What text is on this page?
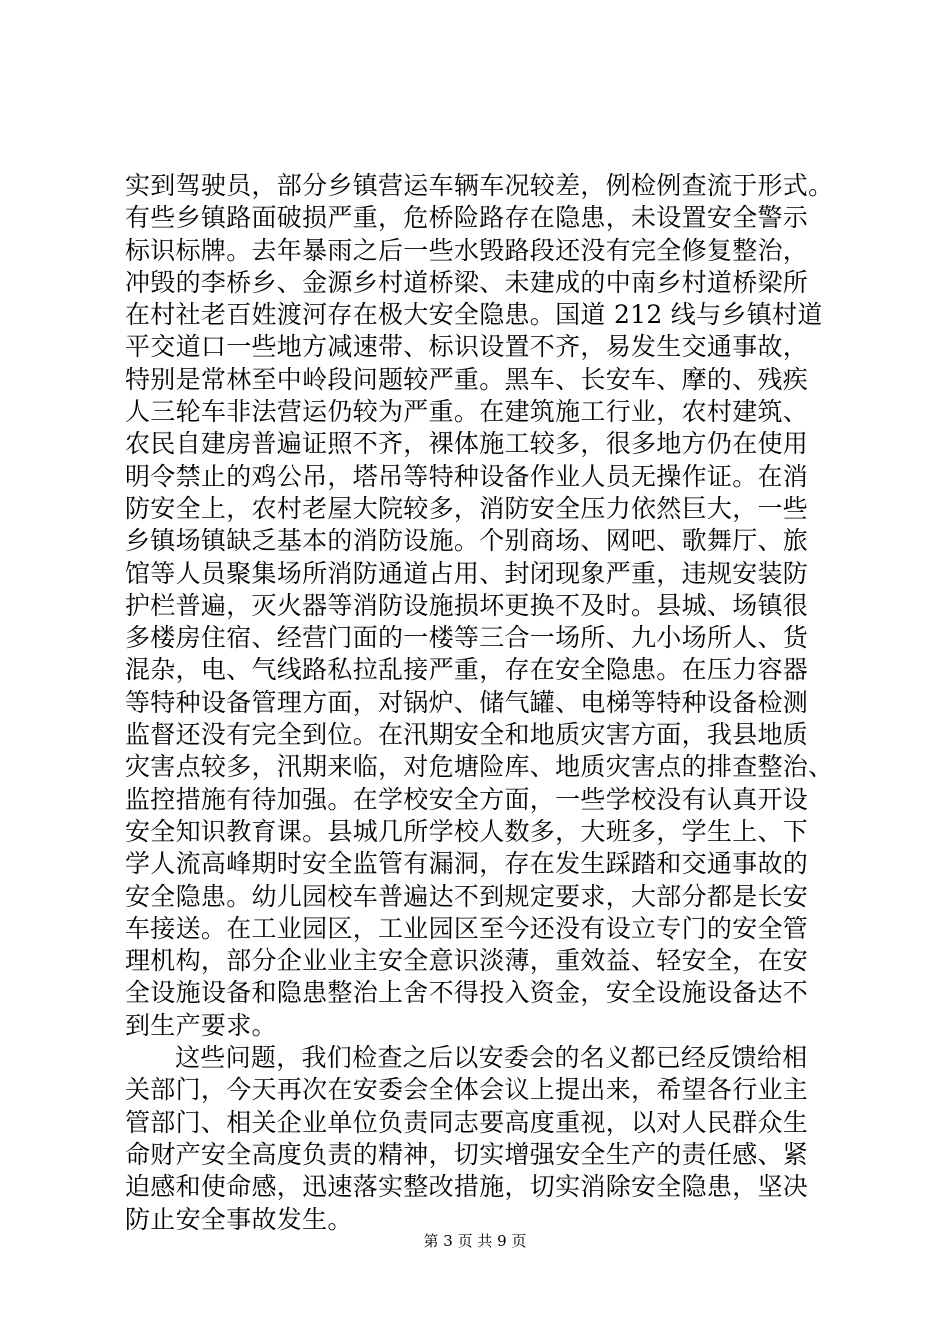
实到驾驶员，部分乡镇营运车辆车况较差，例检例查流于形式。
有些乡镇路面破损严重，危桥险路存在隐患，未设置安全警示
标识标牌。去年暴雨之后一些水毁路段还没有完全修复整治，
冲毁的李桥乡、金源乡村道桥梁、未建成的中南乡村道桥梁所
在村社老百姓渡河存在极大安全隐患。国道 212 线与乡镇村道
平交道口一些地方减速带、标识设置不齐，易发生交通事故，
特别是常林至中岭段问题较严重。黑车、长安车、摩的、残疾
人三轮车非法营运仍较为严重。在建筑施工行业，农村建筑、
农民自建房普遍证照不齐，裸体施工较多，很多地方仍在使用
明令禁止的鸡公吊，塔吊等特种设备作业人员无操作证。在消
防安全上，农村老屋大院较多，消防安全压力依然巨大，一些
乡镇场镇缺乏基本的消防设施。个别商场、网吧、歌舞厅、旅
馆等人员聚集场所消防通道占用、封闭现象严重，违规安装防
护栏普遍，灭火器等消防设施损坏更换不及时。县城、场镇很
多楼房住宿、经营门面的一楼等三合一场所、九小场所人、货
混杂，电、气线路私拉乱接严重，存在安全隐患。在压力容器
等特种设备管理方面，对锅炉、储气罐、电梯等特种设备检测
监督还没有完全到位。在汛期安全和地质灾害方面，我县地质
灾害点较多，汛期来临，对危塘险库、地质灾害点的排查整治、
监控措施有待加强。在学校安全方面，一些学校没有认真开设
安全知识教育课。县城几所学校人数多，大班多，学生上、下
学人流高峰期时安全监管有漏洞，存在发生踩踏和交通事故的
安全隐患。幼儿园校车普遍达不到规定要求，大部分都是长安
车接送。在工业园区，工业园区至今还没有设立专门的安全管
理机构，部分企业业主安全意识淡薄，重效益、轻安全，在安
全设施设备和隐患整治上舍不得投入资金，安全设施设备达不
到生产要求。
这些问题，我们检查之后以安委会的名义都已经反馈给相
关部门，今天再次在安委会全体会议上提出来，希望各行业主
管部门、相关企业单位负责同志要高度重视，以对人民群众生
命财产安全高度负责的精神，切实增强安全生产的责任感、紧
迫感和使命感，迅速落实整改措施，切实消除安全隐患，坚决
防止安全事故发生。
第 3 页 共 9 页
